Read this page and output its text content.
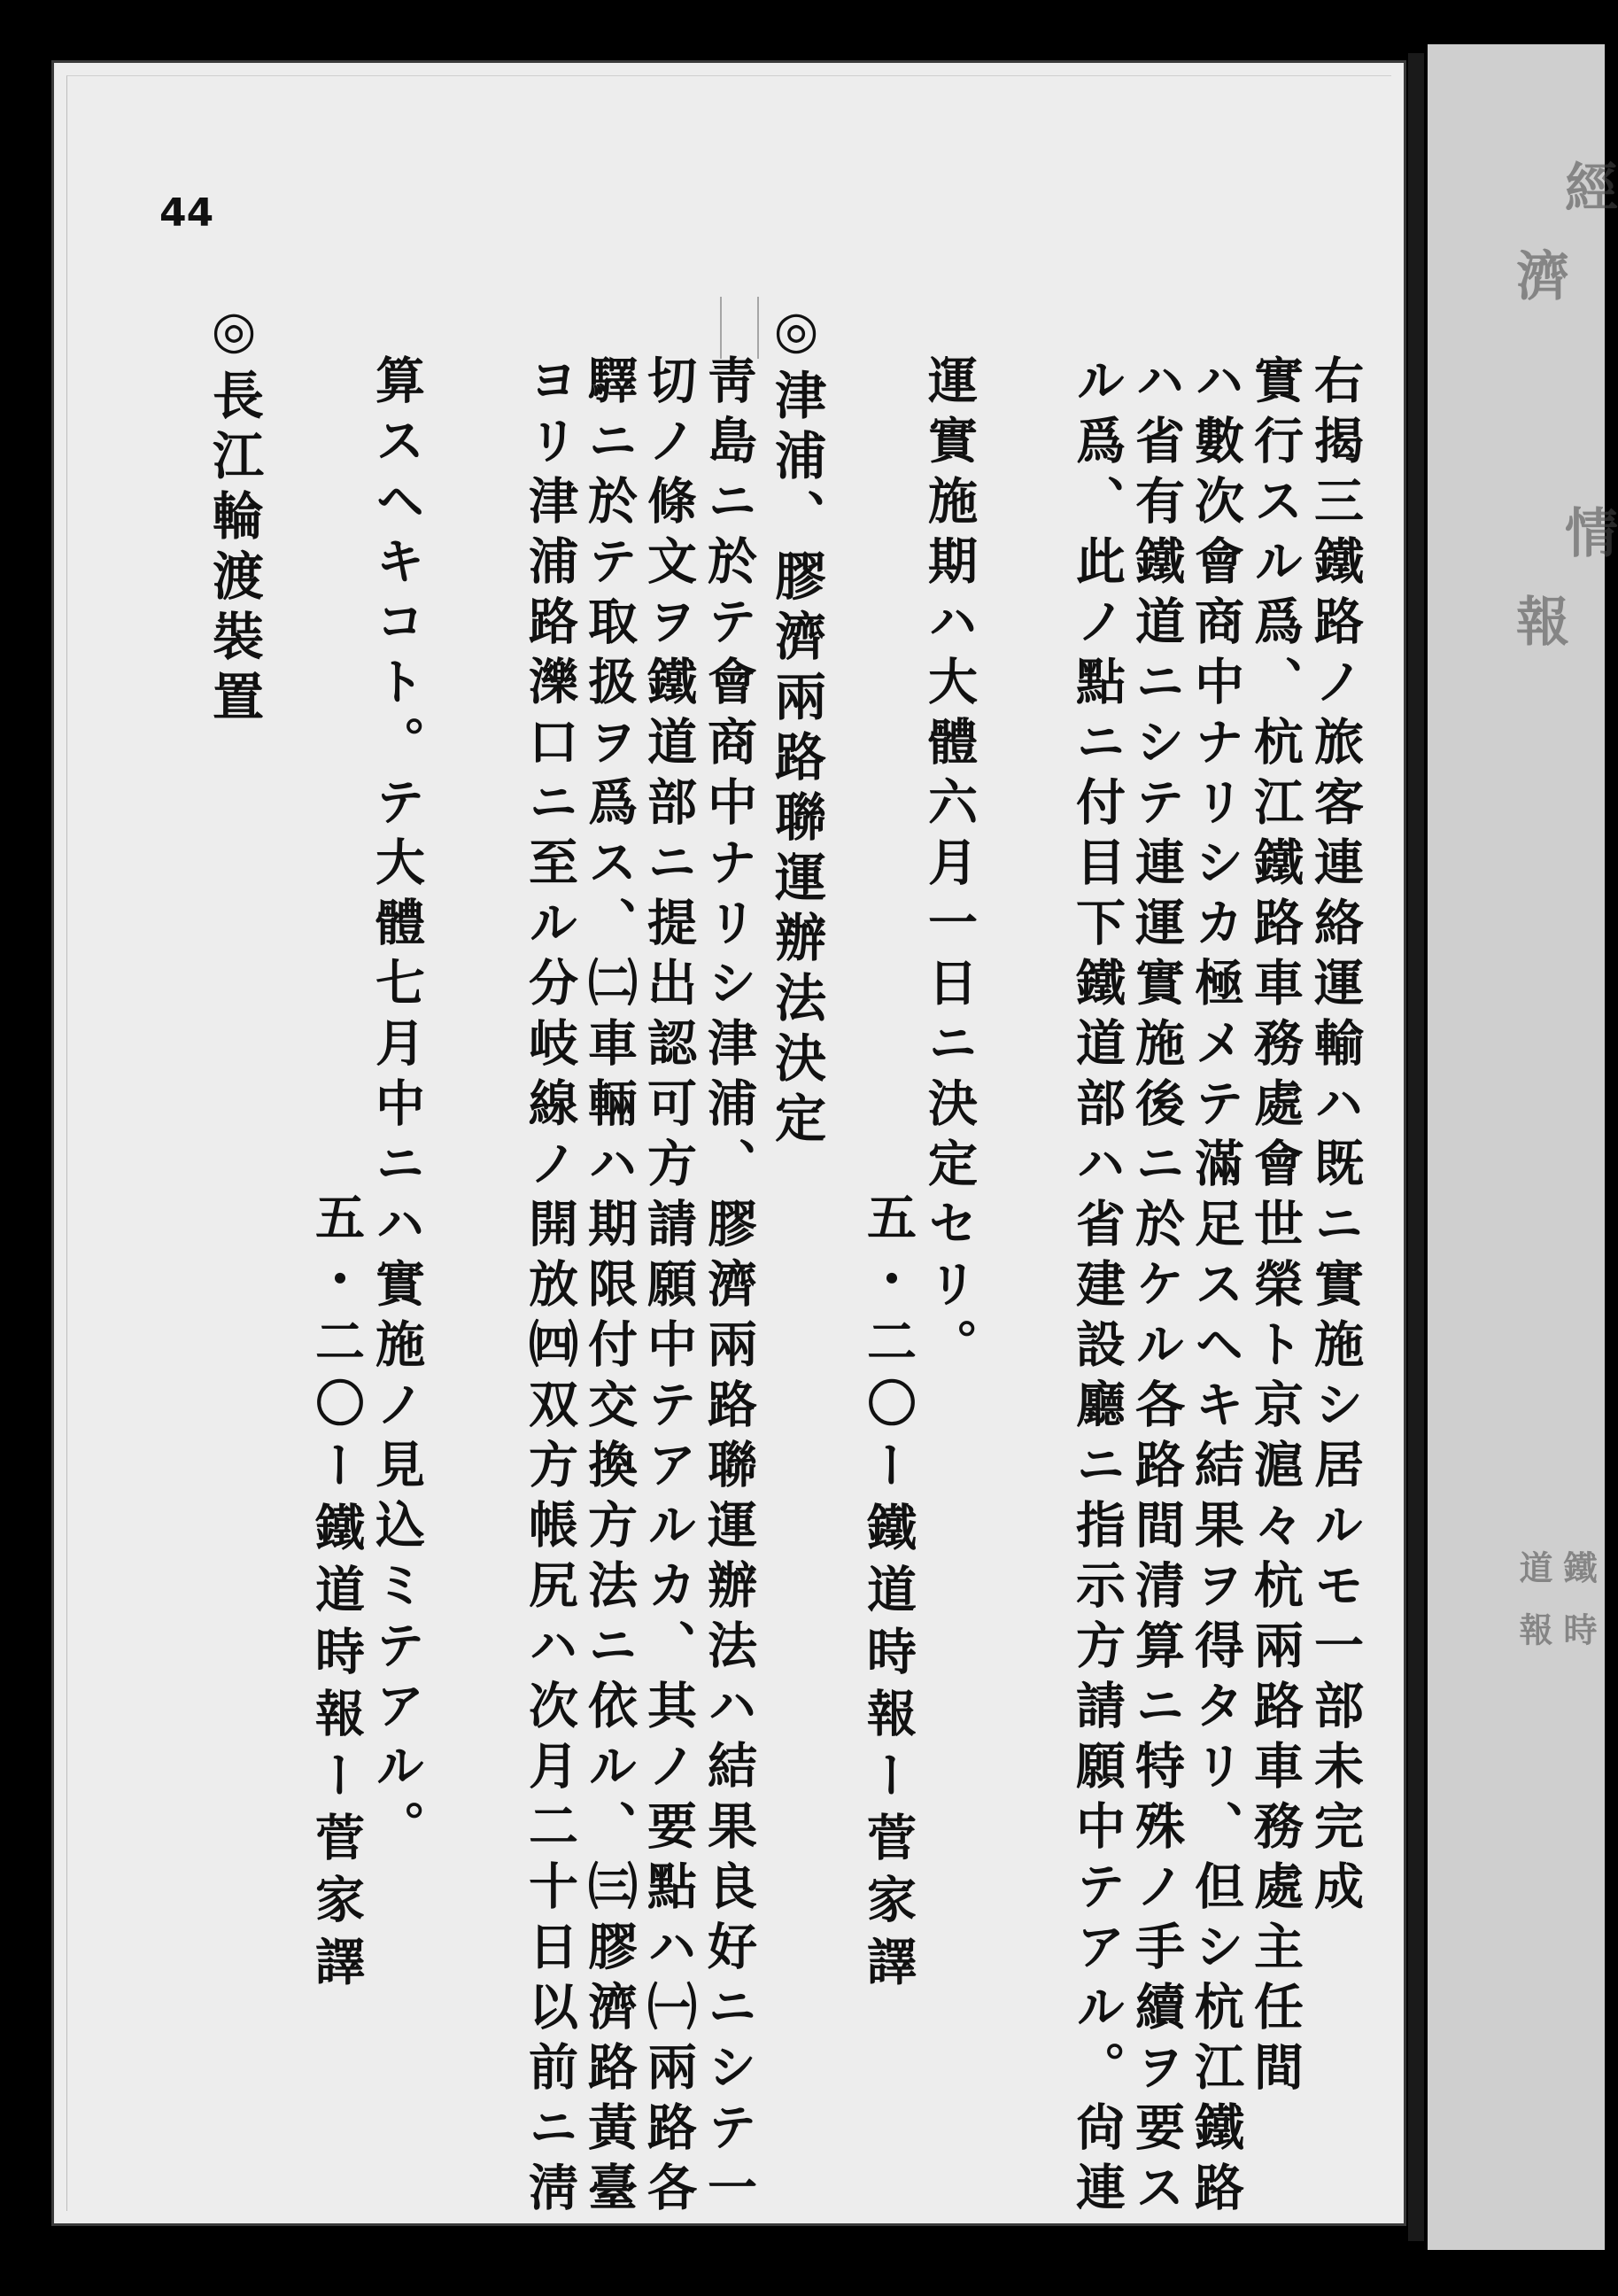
經
濟
情
報
鐵
道
時
報

44

右揭三鐵路ノ旅客連絡運輸ハ既ニ實施シ居ルモ一部未完成

實行スル爲、杭江鐵路車務處會世榮ト京滬々杭兩路車務處主任間

ハ數次會商中ナリシカ極メテ滿足スヘキ結果ヲ得タリ、但シ杭江鐵路

ハ省有鐵道ニシテ連運實施後ニ於ケル各路間清算ニ特殊ノ手續ヲ要ス

ル爲、此ノ點ニ付目下鐵道部ハ省建設廳ニ指示方請願中テアル。尙連

運實施期ハ大體六月一日ニ決定セリ。

五・二〇ー鐵道時報ー菅家譯

◎津浦、膠濟兩路聯運辦法決定

靑島ニ於テ會商中ナリシ津浦、膠濟兩路聯運辦法ハ結果良好ニシテ一

切ノ條文ヲ鐵道部ニ提出認可方請願中テアルカ、其ノ要點ハ㈠兩路各

驛ニ於テ取扱ヲ爲ス、㈡車輛ハ期限付交換方法ニ依ル、㈢膠濟路黃臺

ヨリ津浦路濼口ニ至ル分岐線ノ開放㈣双方帳尻ハ次月二十日以前ニ淸

算スヘキコト。テ大體七月中ニハ實施ノ見込ミテアル。

五・二〇ー鐵道時報ー菅家譯

◎長江輪渡裝置
